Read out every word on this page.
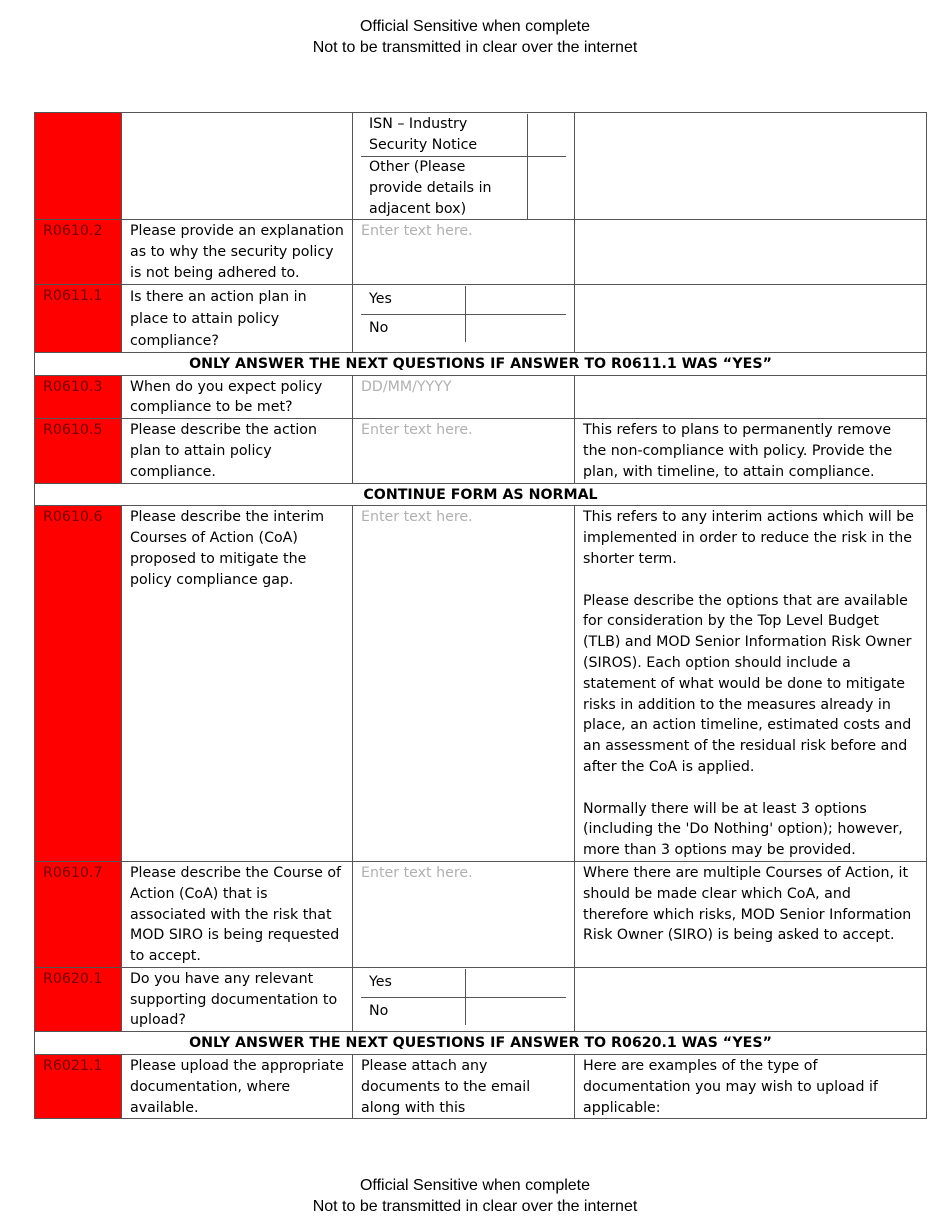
Official Sensitive when complete
Not to be transmitted in clear over the internet

ISN – Industry Security Notice	
Other (Please provide details in adjacent box)	

R0610.2	Please provide an explanation as to why the security policy is not being adhered to.	Enter text here.	
R0611.1	Is there an action plan in place to attain policy compliance?	
Yes	
No	

ONLY ANSWER THE NEXT QUESTIONS IF ANSWER TO R0611.1 WAS “YES”
R0610.3	When do you expect policy compliance to be met?	DD/MM/YYYY	
R0610.5	Please describe the action plan to attain policy compliance.	Enter text here.	This refers to plans to permanently remove the non-compliance with policy. Provide the plan, with timeline, to attain compliance.
CONTINUE FORM AS NORMAL
R0610.6	Please describe the interim Courses of Action (CoA) proposed to mitigate the policy compliance gap.	Enter text here.	This refers to any interim actions which will be implemented in order to reduce the risk in the shorter term.
Please describe the options that are available for consideration by the Top Level Budget (TLB) and MOD Senior Information Risk Owner (SIROS). Each option should include a statement of what would be done to mitigate risks in addition to the measures already in place, an action timeline, estimated costs and an assessment of the residual risk before and after the CoA is applied.
Normally there will be at least 3 options (including the 'Do Nothing' option); however, more than 3 options may be provided.

R0610.7	Please describe the Course of Action (CoA) that is associated with the risk that MOD SIRO is being requested to accept.	Enter text here.	Where there are multiple Courses of Action, it should be made clear which CoA, and therefore which risks, MOD Senior Information Risk Owner (SIRO) is being asked to accept.
R0620.1	Do you have any relevant supporting documentation to upload?	
Yes	
No	

ONLY ANSWER THE NEXT QUESTIONS IF ANSWER TO R0620.1 WAS “YES”
R6021.1	Please upload the appropriate documentation, where available.	Please attach any documents to the email along with this	Here are examples of the type of documentation you may wish to upload if applicable:
Official Sensitive when complete
Not to be transmitted in clear over the internet
